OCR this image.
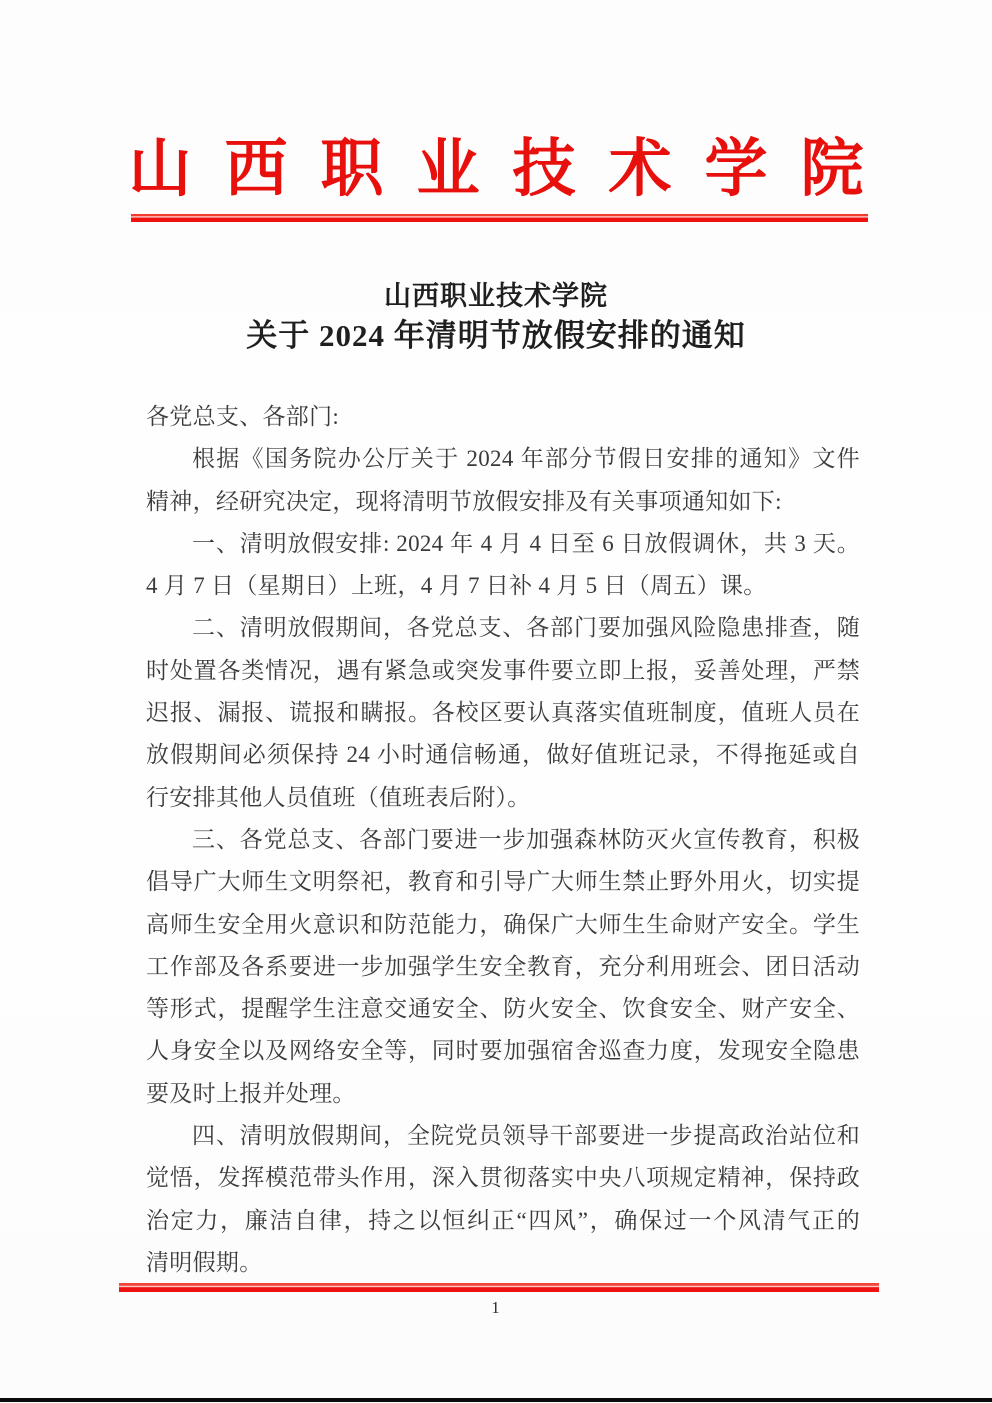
山西职业技术学院
山西职业技术学院
关于 2024 年清明节放假安排的通知
各党总支、各部门:
根据《国务院办公厅关于 2024 年部分节假日安排的通知》文件
精神，经研究决定，现将清明节放假安排及有关事项通知如下:
一、清明放假安排: 2024 年 4 月 4 日至 6 日放假调休，共 3 天。
4 月 7 日（星期日）上班，4 月 7 日补 4 月 5 日（周五）课。
二、清明放假期间，各党总支、各部门要加强风险隐患排查，随
时处置各类情况，遇有紧急或突发事件要立即上报，妥善处理，严禁
迟报、漏报、谎报和瞒报。各校区要认真落实值班制度，值班人员在
放假期间必须保持 24 小时通信畅通，做好值班记录，不得拖延或自
行安排其他人员值班（值班表后附）。
三、各党总支、各部门要进一步加强森林防灭火宣传教育，积极
倡导广大师生文明祭祀，教育和引导广大师生禁止野外用火，切实提
高师生安全用火意识和防范能力，确保广大师生生命财产安全。学生
工作部及各系要进一步加强学生安全教育，充分利用班会、团日活动
等形式，提醒学生注意交通安全、防火安全、饮食安全、财产安全、
人身安全以及网络安全等，同时要加强宿舍巡查力度，发现安全隐患
要及时上报并处理。
四、清明放假期间，全院党员领导干部要进一步提高政治站位和
觉悟，发挥模范带头作用，深入贯彻落实中央八项规定精神，保持政
治定力，廉洁自律，持之以恒纠正“四风”，确保过一个风清气正的
清明假期。
1
